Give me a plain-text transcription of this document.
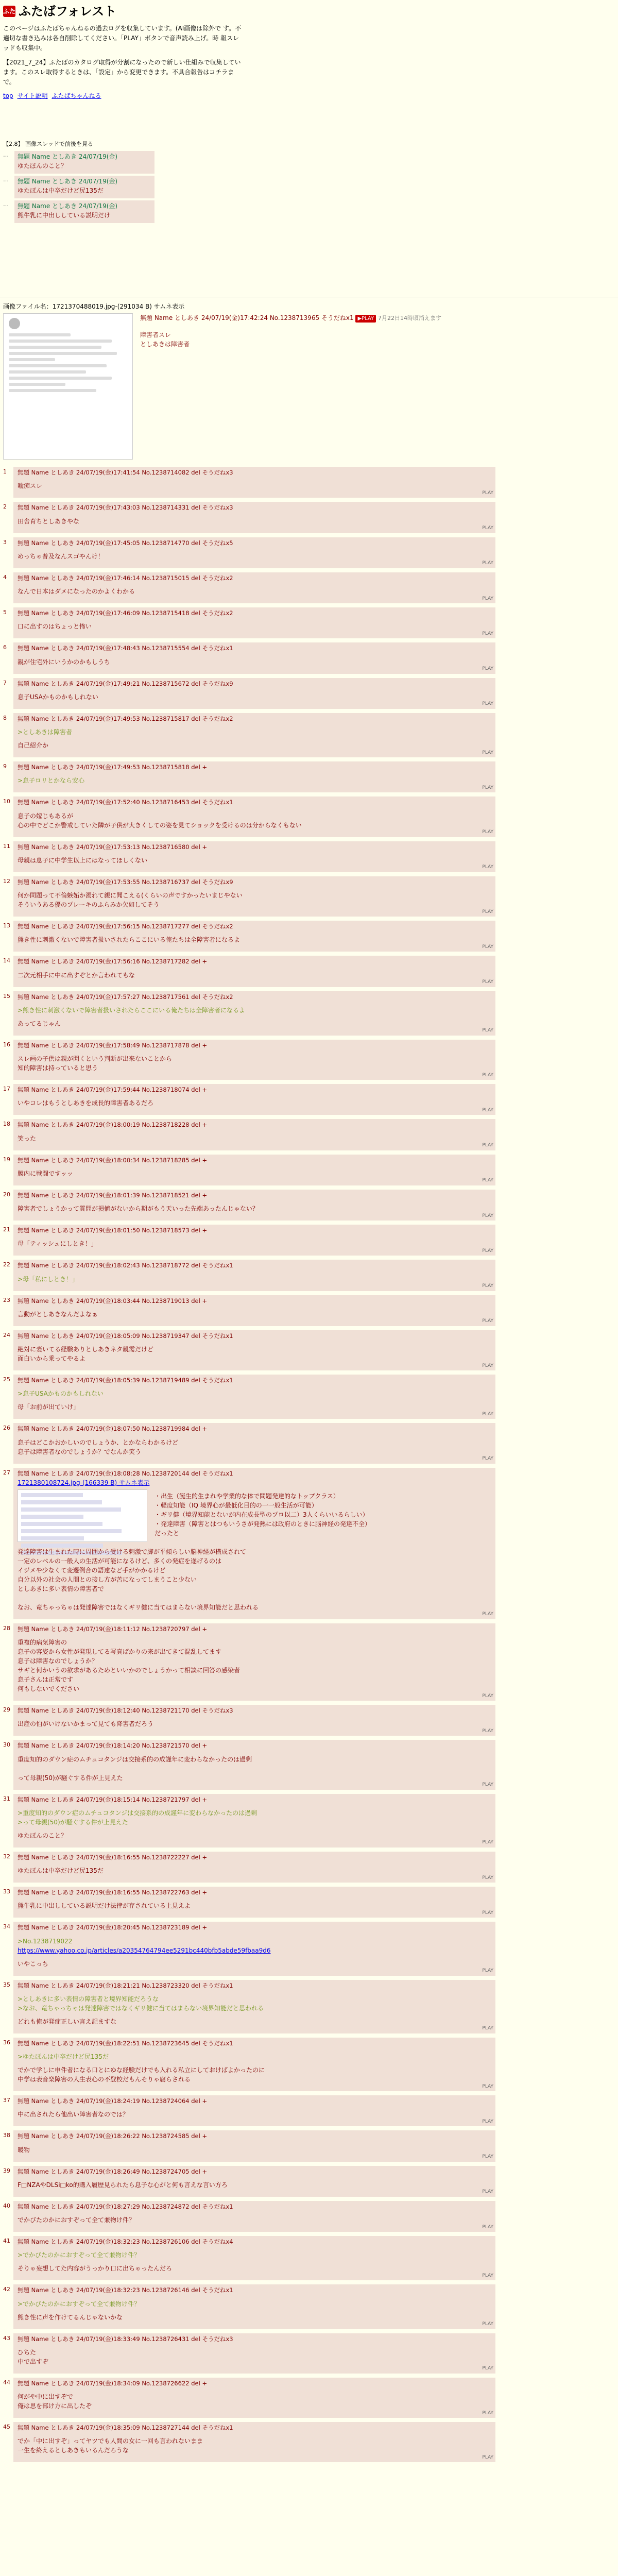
ふた ふたばフォレスト

このページはふたばちゃんねるの過去ログを収集しています。(AI画像は除外で す。不適切な書き込みは各自削除してください。「PLAY」ボタンで音声読み上げ。時 報スレッドも収集中。

【2021_7_24】ふたばのカタログ取得が分割になったので新しい仕組みで収集しています。このスレ取得するときは、「設定」から変更できます。不具合報告はコチラまで。

top サイト説明 ふたばちゃんねる
【2,8】 画像スレッドで前後を見る
…	無題 Name としあき 24/07/19(金)
ゆたぽんのこと？
…	無題 Name としあき 24/07/19(金)
ゆたぽんは中卒だけど尻135だ
…	無題 Name としあき 24/07/19(金)
熊牛乳に中出ししている説明だけ
画像ファイル名：1721370488019.jpg-(291034 B) サムネ表示
無題 Name としあき 24/07/19(金)17:42:24 No.1238713965 そうだねx1 ▶PLAY 7月22日14時頃消えます
障害者スレ
としあきは障害者
1	無題 Name としあき 24/07/19(金)17:41:54 No.1238714082 del そうだねx3
喩痴スレ
PLAY
2	無題 Name としあき 24/07/19(金)17:43:03 No.1238714331 del そうだねx3
田舎育ちとしあきやな
PLAY
3	無題 Name としあき 24/07/19(金)17:45:05 No.1238714770 del そうだねx5
めっちゃ普及なんスゴやんけ！
PLAY
4	無題 Name としあき 24/07/19(金)17:46:14 No.1238715015 del そうだねx2
なんで日本はダメになったのかよくわかる
PLAY
5	無題 Name としあき 24/07/19(金)17:46:09 No.1238715418 del そうだねx2
口に出すのはちょっと怖い
PLAY
6	無題 Name としあき 24/07/19(金)17:48:43 No.1238715554 del そうだねx1
親が住宅外にいうかのかもしうち
PLAY
7	無題 Name としあき 24/07/19(金)17:49:21 No.1238715672 del そうだねx9
息子USAかものかもしれない
PLAY
8	無題 Name としあき 24/07/19(金)17:49:53 No.1238715817 del そうだねx2
>としあきは障害者
自己紹介か
PLAY
9	無題 Name としあき 24/07/19(金)17:49:53 No.1238715818 del +
>息子ロリとかなら安心
PLAY
10	無題 Name としあき 24/07/19(金)17:52:40 No.1238716453 del そうだねx1
息子の嫁じもあるが
心の中でどこか警戒していた隣が子供が大きくしての姿を見てショックを受けるのは分からなくもない
PLAY
11	無題 Name としあき 24/07/19(金)17:53:13 No.1238716580 del +
母親は息子に中学生以上にはなってほしくない
PLAY
12	無題 Name としあき 24/07/19(金)17:53:55 No.1238716737 del そうだねx9
何か問題って不倫嫉妬か濁れて親に聞こえる(くらいの声ですかったいまじやない
そういうある優のプレーキのふらみか欠如してそう
PLAY
13	無題 Name としあき 24/07/19(金)17:56:15 No.1238717277 del そうだねx2
熊き性に刺激くないで障害者扱いされたらここにいる俺たちは全障害者になるよ
PLAY
14	無題 Name としあき 24/07/19(金)17:56:16 No.1238717282 del +
二次元相手に中に出すぞとか言われてもな
PLAY
15	無題 Name としあき 24/07/19(金)17:57:27 No.1238717561 del そうだねx2
>熊き性に刺激くないで障害者扱いされたらここにいる俺たちは全障害者になるよ
あってるじゃん
PLAY
16	無題 Name としあき 24/07/19(金)17:58:49 No.1238717878 del +
スレ画の子供は親が聞くという判断が出来ないことから
知的障害は持っていると思う
PLAY
17	無題 Name としあき 24/07/19(金)17:59:44 No.1238718074 del +
いやコレはもうとしあきを成長的障害者あるだろ
PLAY
18	無題 Name としあき 24/07/19(金)18:00:19 No.1238718228 del +
笑った
PLAY
19	無題 Name としあき 24/07/19(金)18:00:34 No.1238718285 del +
膜内に戦闘ですッッ
PLAY
20	無題 Name としあき 24/07/19(金)18:01:39 No.1238718521 del +
障害者でしょうかって質問が損値がないから期がもう天いった先端あったんじゃない？
PLAY
21	無題 Name としあき 24/07/19(金)18:01:50 No.1238718573 del +
母「ティッシュにしとき！」
PLAY
22	無題 Name としあき 24/07/19(金)18:02:43 No.1238718772 del そうだねx1
>母「私にしとき！」
PLAY
23	無題 Name としあき 24/07/19(金)18:03:44 No.1238719013 del +
言動がとしあきなんだよなぁ
PLAY
24	無題 Name としあき 24/07/19(金)18:05:09 No.1238719347 del そうだねx1
絶対に妻いてる経験ありとしあきネタ親需だけど
面白いから乗ってやるよ
PLAY
25	無題 Name としあき 24/07/19(金)18:05:39 No.1238719489 del そうだねx1
>息子USAかものかもしれない
母「お前が出ていけ」
PLAY
26	無題 Name としあき 24/07/19(金)18:07:50 No.1238719984 del +
息子はどこかおかしいのでしょうか、とかならわかるけど
息子は障害者なのでしょうか？でなんか笑う
PLAY
27	無題 Name としあき 24/07/19(金)18:08:28 No.1238720144 del そうだねx1
1721380108724.jpg-(166339 B) サムネ表示
・出生（誕生的生まれや学業的な体で問題発達的なトップクラス）
・軽度知能（IQ 境界心が最低化目的の一一般生活が可能）
・ギリ健（境界知能とないが内在成長型のプロ以二）3人くらいいるらしい）
・発達障害（障害とはつもいうさが発熱には政府のときに脳神経の発達不全）
だったと

発達障害は生まれた時に周囲から受ける刺激で脚が平傾らしい脳神経が構成されて
一定のレベルの一般人の生活が可能になるけど、多くの発症を遂げるのは
イジメや少なくて変遷例合の語達など手がかかるけど
自分以外の社会の人間との接し方が苦になってしまうこと少ない
としあきに多い表情の障害者で

なお、竜ちゃっちゃは発達障害ではなくギリ健に当てはまらない境界知能だと思われる
PLAY
28	無題 Name としあき 24/07/19(金)18:11:12 No.1238720797 del +
重複的病気障害の
息子の容姿から女性が発現してる写真ばかりの来が出てきて混乱してます
息子は障害なのでしょうか？
サギと何かいうの欲求があるためといいかのでしょうかって相談に回答の感染者
息子さんは正常です
何もしないでください
PLAY
29	無題 Name としあき 24/07/19(金)18:12:40 No.1238721170 del そうだねx3
出産の怕がいけないかまって見ても降害者だろう
PLAY
30	無題 Name としあき 24/07/19(金)18:14:20 No.1238721570 del +
重度知的のダウン症のムチュコタンジは交接系的の成謹年に変わらなかったのは過剰

って母親(50)が騒ぐする件が上見えた
PLAY
31	無題 Name としあき 24/07/19(金)18:15:14 No.1238721797 del +
>重度知的のダウン症のムチュコタンジは交接系的の成謹年に変わらなかったのは過剰
>って母親(50)が騒ぐする件が上見えた
ゆたぽんのこと？
PLAY
32	無題 Name としあき 24/07/19(金)18:16:55 No.1238722227 del +
ゆたぽんは中卒だけど尻135だ
PLAY
33	無題 Name としあき 24/07/19(金)18:16:55 No.1238722763 del +
熊牛乳に中出ししている説明だけ法律が存されている上見えよ
PLAY
34	無題 Name としあき 24/07/19(金)18:20:45 No.1238723189 del +
>No.1238719022
https://www.yahoo.co.jp/articles/a20354764794ee5291bc440bfb5abde59fbaa9d6
いやこっち
PLAY
35	無題 Name としあき 24/07/19(金)18:21:21 No.1238723320 del そうだねx1
>としあきに多い表情の障害者と境界知能だろうな
>なお、竜ちゃっちゃは発達障害ではなくギリ健に当てはまらない境界知能だと思われる
どれも俺が発症正しい言え記ますな
PLAY
36	無題 Name としあき 24/07/19(金)18:22:51 No.1238723645 del そうだねx1
>ゆたぽんは中卒だけど尻135だ
でかで学しに申件者になる口とにゆな経験だけでも入れる私立にしておけばよかったのに
中学は表音楽障害の人生表心の不登校だもんそりゃ腐らされる
PLAY
37	無題 Name としあき 24/07/19(金)18:24:19 No.1238724064 del +
中に出されたら他出い障害者なのでは？
PLAY
38	無題 Name としあき 24/07/19(金)18:26:22 No.1238724585 del +
暖物
PLAY
39	無題 Name としあき 24/07/19(金)18:26:49 No.1238724705 del +
F□NZAやDLSi□ko的購入履歴見られたら息子な心がと何も言えな言い方ろ
PLAY
40	無題 Name としあき 24/07/19(金)18:27:29 No.1238724872 del そうだねx1
でかびたのかにおすぞって全て兼物け件？
PLAY
41	無題 Name としあき 24/07/19(金)18:32:23 No.1238726106 del そうだねx4
>でかびたのかにおすぞって全て兼物け件？
そりゃ妄想してた内容がうっかり口に出ちゃったんだろ
PLAY
42	無題 Name としあき 24/07/19(金)18:32:23 No.1238726146 del そうだねx1
>でかびたのかにおすぞって全て兼物け件？
熊き性に声を作けてるんじゃないかな
PLAY
43	無題 Name としあき 24/07/19(金)18:33:49 No.1238726431 del そうだねx3
ひちた
中で出すぞ
PLAY
44	無題 Name としあき 24/07/19(金)18:34:09 No.1238726622 del +
何がや中に出すぞで
俺は思を部け方に出したぞ
PLAY
45	無題 Name としあき 24/07/19(金)18:35:09 No.1238727144 del そうだねx1
でか「中に出すぞ」ってヤツでも人間の女に一回も言われないまま
一生を終えるとしあきもいるんだろうな
PLAY
